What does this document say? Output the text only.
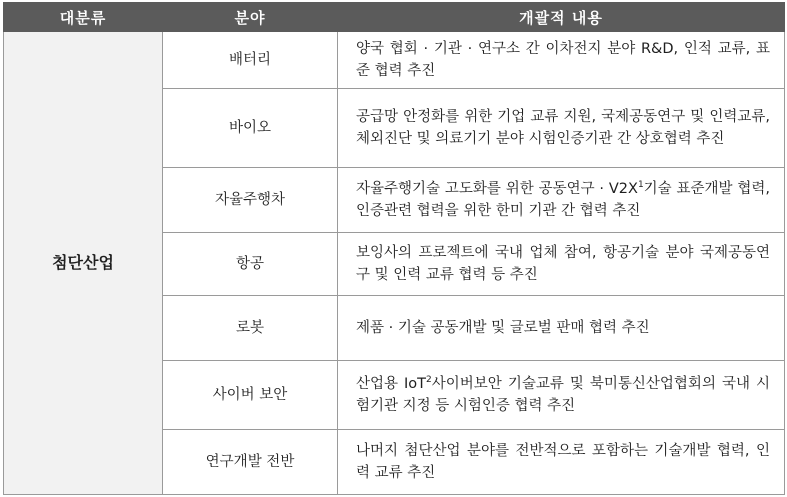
대분류	분야	개괄적 내용
첨단산업	배터리	양국 협회 · 기관 · 연구소 간 이차전지 분야 R&D, 인적 교류, 표준 협력 추진
	바이오	공급망 안정화를 위한 기업 교류 지원, 국제공동연구 및 인력교류, 체외진단 및 의료기기 분야 시험인증기관 간 상호협력 추진
	자율주행차	자율주행기술 고도화를 위한 공동연구 · $V2X^1$기술 표준개발 협력, 인증관련 협력을 위한 한미 기관 간 협력 추진
	항공	보잉사의 프로젝트에 국내 업체 참여, 항공기술 분야 국제공동연구 및 인력 교류 협력 등 추진
	로봇	제품 · 기술 공동개발 및 글로벌 판매 협력 추진
	사이버 보안	산업용 IoT$^2$사이버보안 기술교류 및 북미통신산업협회의 국내 시험기관 지정 등 시험인증 협력 추진
	연구개발 전반	나머지 첨단산업 분야를 전반적으로 포함하는 기술개발 협력, 인력 교류 추진
